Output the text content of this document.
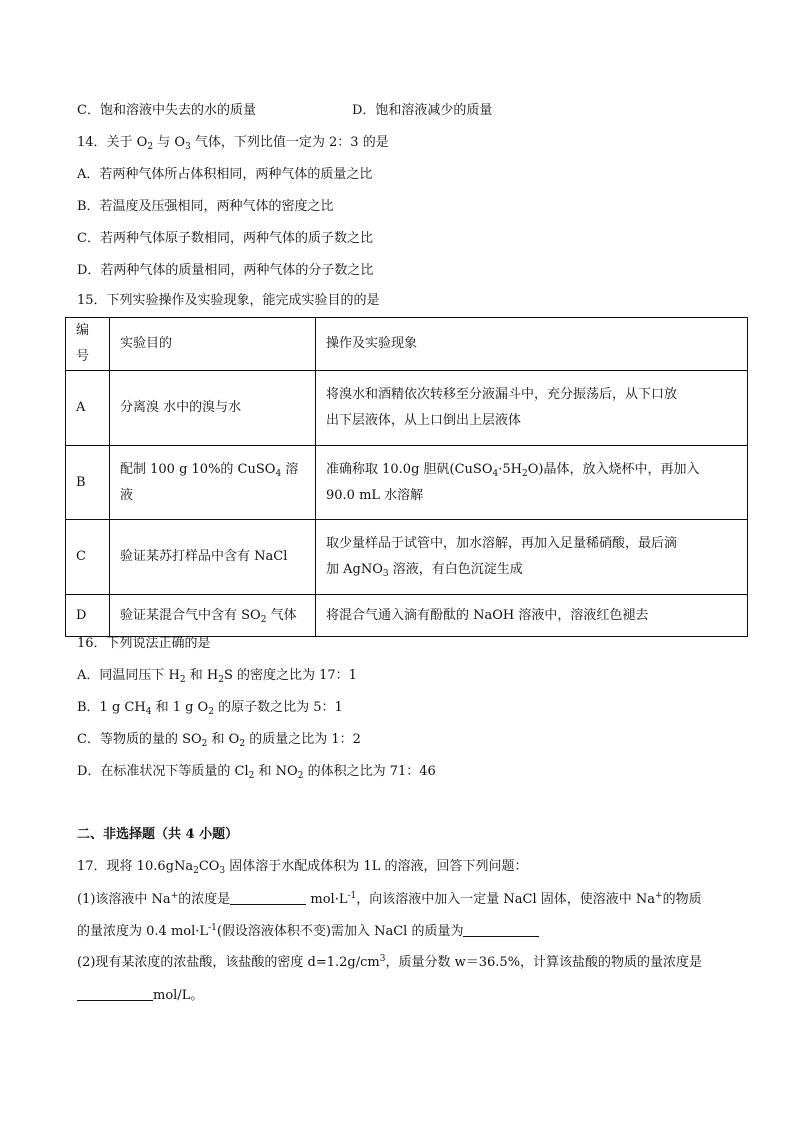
C．饱和溶液中失去的水的质量	D．饱和溶液减少的质量
14．关于 $O_2$ 与 $O_3$ 气体，下列比值一定为 2：3 的是
A．若两种气体所占体积相同，两种气体的质量之比
B．若温度及压强相同，两种气体的密度之比
C．若两种气体原子数相同，两种气体的质子数之比
D．若两种气体的质量相同，两种气体的分子数之比
15．下列实验操作及实验现象，能完成实验目的的是
编号	实验目的	操作及实验现象
A	分离溴 水中的溴与水	将溴水和酒精依次转移至分液漏斗中，充分振荡后，从下口放
出下层液体，从上口倒出上层液体

B	配制 100 g 10%的 CuSO$_4$ 溶液	准确称取 10.0g 胆矾$(CuSO_4\cdot 5H_2O)$晶体，放入烧杯中，再加入
90.0 mL 水溶解

C	验证某苏打样品中含有 NaCl	取少量样品于试管中，加水溶解，再加入足量稀硝酸，最后滴
加 AgNO$_3$ 溶液，有白色沉淀生成

D	验证某混合气中含有 $SO_2$ 气体	将混合气通入滴有酚酞的 NaOH 溶液中，溶液红色褪去
16．下列说法正确的是
A．同温同压下 $H_2$ 和 $H_2S$ 的密度之比为 17：1
B．1 g $CH_4$ 和 1 g $O_2$ 的原子数之比为 5：1
C．等物质的量的 $SO_2$ 和 $O_2$ 的质量之比为 1：2
D．在标准状况下等质量的 $Cl_2$ 和 $NO_2$ 的体积之比为 71：46
二、非选择题（共 4 小题）
17．现将 $10.6gNa_2CO_3$ 固体溶于水配成体积为 1L 的溶液，回答下列问题：
(1)该溶液中 Na+的浓度是	$mol\cdot L^{-1}$，向该溶液中加入一定量 NaCl 固体，使溶液中 Na+的物质
的量浓度为 0.4 $mol\cdot L^{-1}$(假设溶液体积不变)需加入 NaCl 的质量为
(2)现有某浓度的浓盐酸，该盐酸的密度 $d=1.2g/cm^3$，质量分数 w＝36.5%，计算该盐酸的物质的量浓度是
mol/L。
